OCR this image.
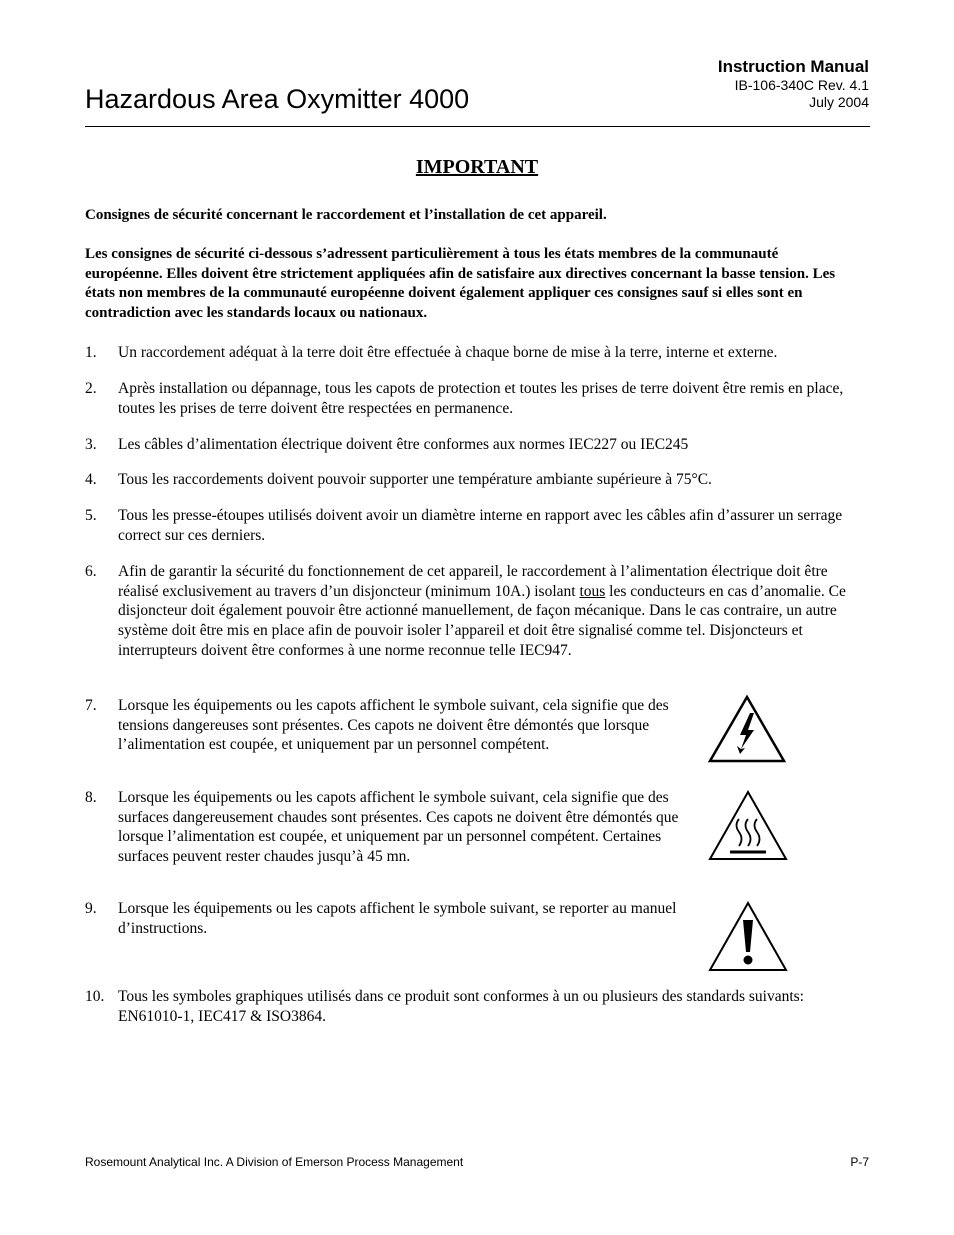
Hazardous Area Oxymitter 4000
Instruction Manual
IB-106-340C Rev. 4.1
July 2004
IMPORTANT
Consignes de sécurité concernant le raccordement et l’installation de cet appareil.
Les consignes de sécurité ci-dessous s’adressent particulièrement à tous les états membres de la communauté européenne. Elles doivent être strictement appliquées afin de satisfaire aux directives concernant la basse tension. Les états non membres de la communauté européenne doivent également appliquer ces consignes sauf si elles sont en contradiction avec les standards locaux ou nationaux.
1. Un raccordement adéquat à la terre doit être effectuée à chaque borne de mise à la terre, interne et externe.
2. Après installation ou dépannage, tous les capots de protection et toutes les prises de terre doivent être remis en place, toutes les prises de terre doivent être respectées en permanence.
3. Les câbles d’alimentation électrique doivent être conformes aux normes IEC227 ou IEC245
4. Tous les raccordements doivent pouvoir supporter une température ambiante supérieure à 75°C.
5. Tous les presse-étoupes utilisés doivent avoir un diamètre interne en rapport avec les câbles afin d’assurer un serrage correct sur ces derniers.
6. Afin de garantir la sécurité du fonctionnement de cet appareil, le raccordement à l’alimentation électrique doit être réalisé exclusivement au travers d’un disjoncteur (minimum 10A.) isolant tous les conducteurs en cas d’anomalie. Ce disjoncteur doit également pouvoir être actionné manuellement, de façon mécanique. Dans le cas contraire, un autre système doit être mis en place afin de pouvoir isoler l’appareil et doit être signalisé comme tel. Disjoncteurs et interrupteurs doivent être conformes à une norme reconnue telle IEC947.
7. Lorsque les équipements ou les capots affichent le symbole suivant, cela signifie que des tensions dangereuses sont présentes. Ces capots ne doivent être démontés que lorsque l’alimentation est coupée, et uniquement par un personnel compétent.
8. Lorsque les équipements ou les capots affichent le symbole suivant, cela signifie que des surfaces dangereusement chaudes sont présentes. Ces capots ne doivent être démontés que lorsque l’alimentation est coupée, et uniquement par un personnel compétent. Certaines surfaces peuvent rester chaudes jusqu’à 45 mn.
9. Lorsque les équipements ou les capots affichent le symbole suivant, se reporter au manuel d’instructions.
10. Tous les symboles graphiques utilisés dans ce produit sont conformes à un ou plusieurs des standards suivants: EN61010-1, IEC417 & ISO3864.
Rosemount Analytical Inc. A Division of Emerson Process Management	P-7
